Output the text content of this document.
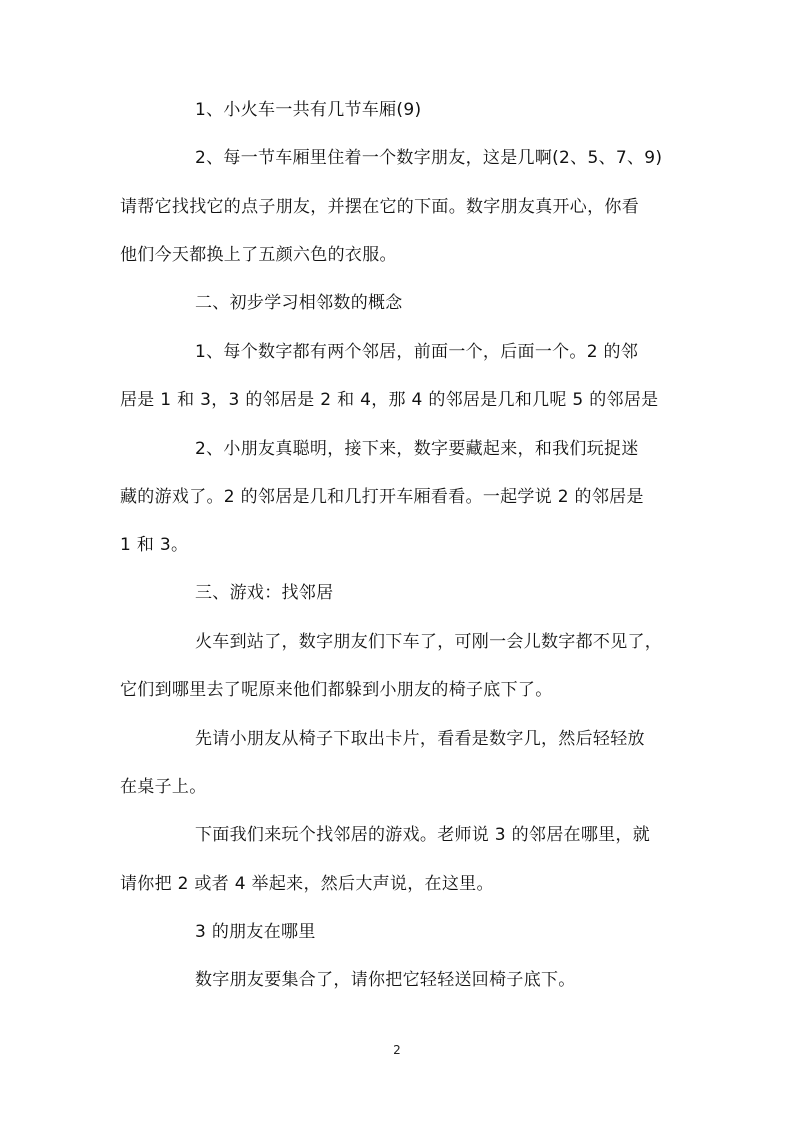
1、小火车一共有几节车厢(9)
2、每一节车厢里住着一个数字朋友，这是几啊(2、5、7、9)
请帮它找找它的点子朋友，并摆在它的下面。数字朋友真开心，你看
他们今天都换上了五颜六色的衣服。
二、初步学习相邻数的概念
1、每个数字都有两个邻居，前面一个，后面一个。2 的邻
居是 1 和 3，3 的邻居是 2 和 4，那 4 的邻居是几和几呢 5 的邻居是
2、小朋友真聪明，接下来，数字要藏起来，和我们玩捉迷
藏的游戏了。2 的邻居是几和几打开车厢看看。一起学说 2 的邻居是
1 和 3。
三、游戏：找邻居
火车到站了，数字朋友们下车了，可刚一会儿数字都不见了，
它们到哪里去了呢原来他们都躲到小朋友的椅子底下了。
先请小朋友从椅子下取出卡片，看看是数字几，然后轻轻放
在桌子上。
下面我们来玩个找邻居的游戏。老师说 3 的邻居在哪里，就
请你把 2 或者 4 举起来，然后大声说，在这里。
3 的朋友在哪里
数字朋友要集合了，请你把它轻轻送回椅子底下。
2
